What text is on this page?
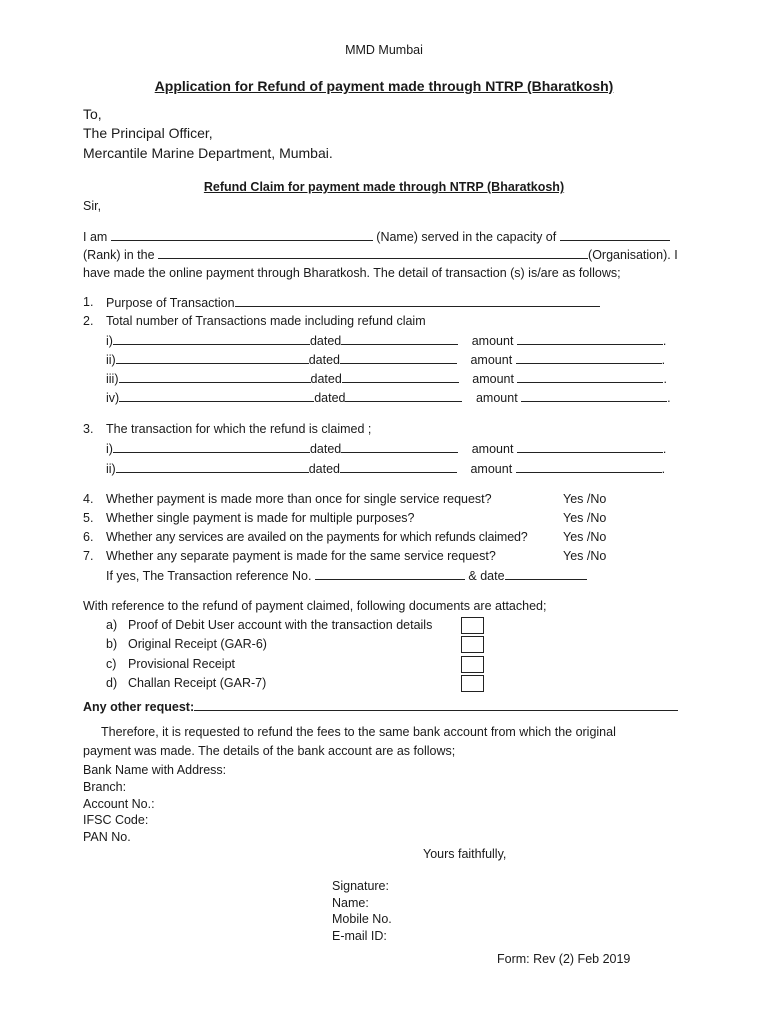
MMD Mumbai
Application for Refund of payment made through NTRP (Bharatkosh)
To,
The Principal Officer,
Mercantile Marine Department, Mumbai.
Refund Claim for payment made through NTRP (Bharatkosh)
Sir,
I am	(Name) served in the capacity of
(Rank) in the	(Organisation). I
have made the online payment through Bharatkosh. The detail of transaction (s) is/are as follows;
1. Purpose of Transaction
2. Total number of Transactions made including refund claim
i)	dated	amount	.
ii)	dated	amount	.
iii)	dated	amount	.
iv)	dated	amount	.
3. The transaction for which the refund is claimed ;
i)	dated	amount	.
ii)	dated	amount	.
4. Whether payment is made more than once for single service request?	Yes /No
5. Whether single payment is made for multiple purposes?	Yes /No
6. Whether any services are availed on the payments for which refunds claimed?	Yes /No
7. Whether any separate payment is made for the same service request?	Yes /No
If yes, The Transaction reference No.	& date
With reference to the refund of payment claimed, following documents are attached;
a) Proof of Debit User account with the transaction details
b) Original Receipt (GAR-6)
c) Provisional Receipt
d) Challan Receipt (GAR-7)
Any other request:
Therefore, it is requested to refund the fees to the same bank account from which the original
payment was made. The details of the bank account are as follows;
Bank Name with Address:
Branch:
Account No.:
IFSC Code:
PAN No.
Yours faithfully,
Signature:
Name:
Mobile No.
E-mail ID:
Form: Rev (2) Feb 2019
